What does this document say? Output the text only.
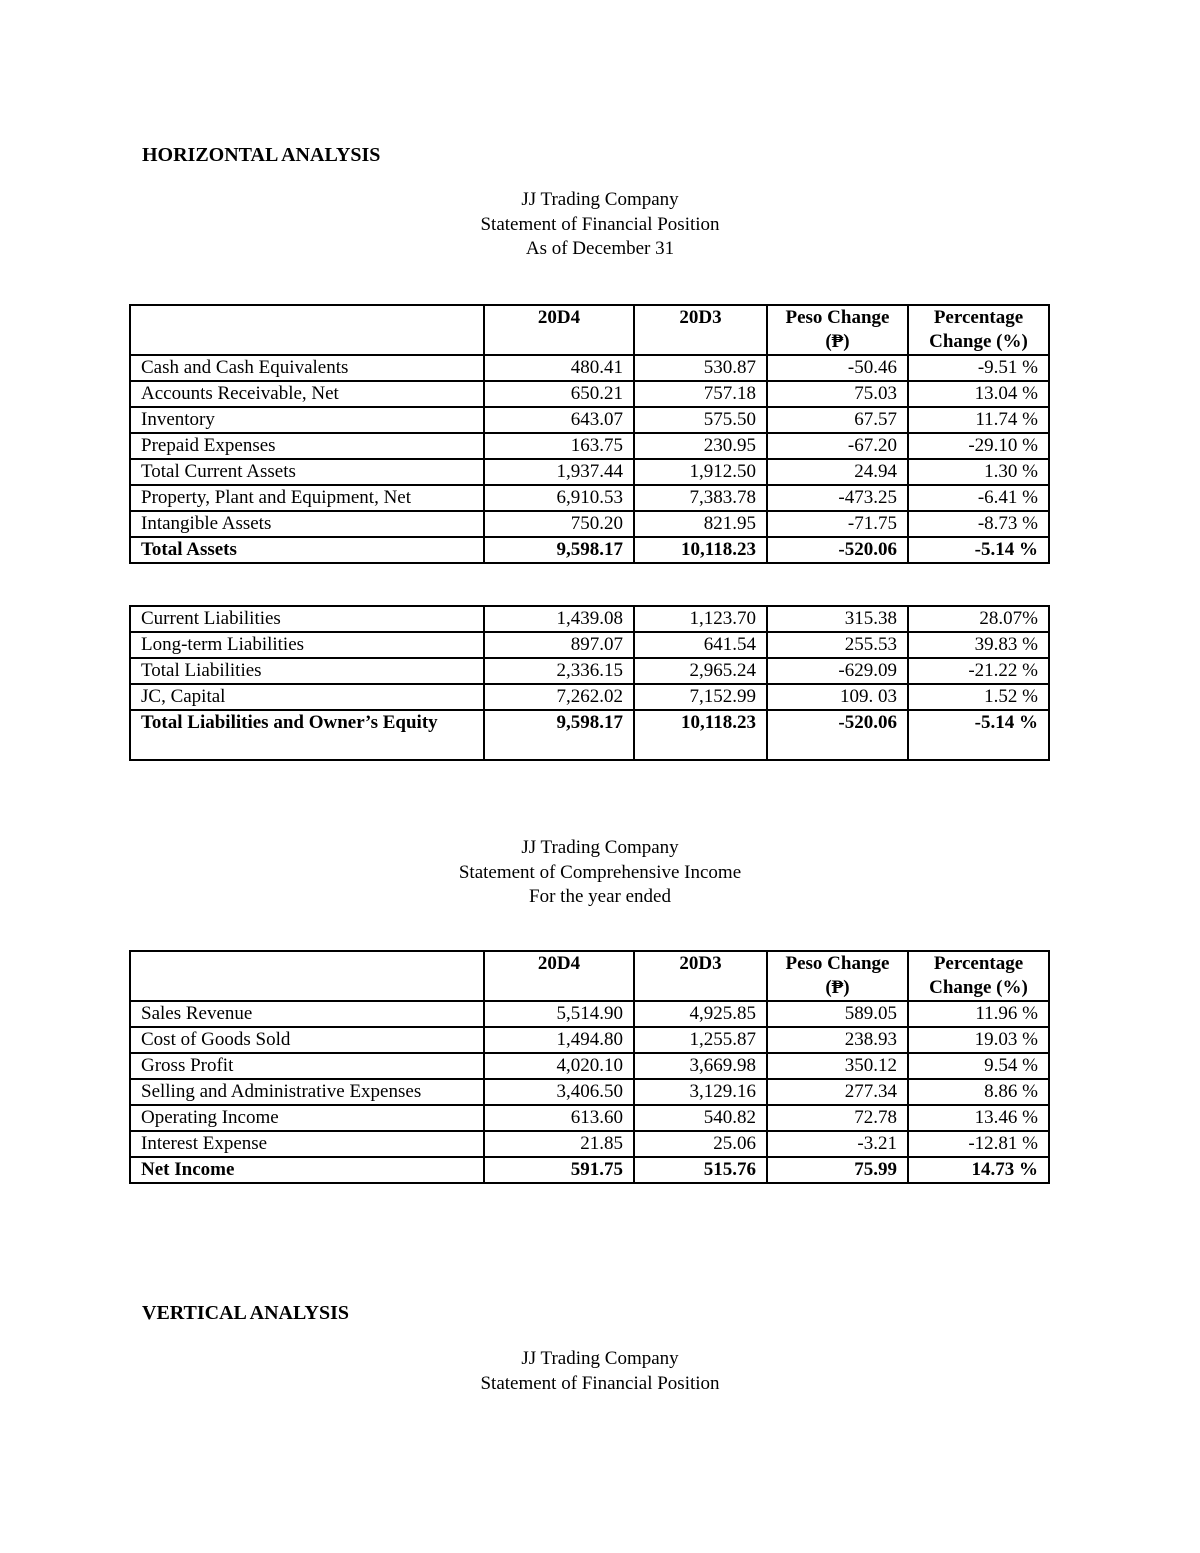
HORIZONTAL ANALYSIS
JJ Trading Company
Statement of Financial Position
As of December 31
	20D4	20D3	Peso Change (₱)	Percentage Change (%)
Cash and Cash Equivalents	480.41	530.87	-50.46	-9.51 %
Accounts Receivable, Net	650.21	757.18	75.03	13.04 %
Inventory	643.07	575.50	67.57	11.74 %
Prepaid Expenses	163.75	230.95	-67.20	-29.10 %
Total Current Assets	1,937.44	1,912.50	24.94	1.30 %
Property, Plant and Equipment, Net	6,910.53	7,383.78	-473.25	-6.41 %
Intangible Assets	750.20	821.95	-71.75	-8.73 %
Total Assets	9,598.17	10,118.23	-520.06	-5.14 %
Current Liabilities	1,439.08	1,123.70	315.38	28.07%
Long-term Liabilities	897.07	641.54	255.53	39.83 %
Total Liabilities	2,336.15	2,965.24	-629.09	-21.22 %
JC, Capital	7,262.02	7,152.99	109. 03	1.52 %
Total Liabilities and Owner’s Equity	9,598.17	10,118.23	-520.06	-5.14 %
JJ Trading Company
Statement of Comprehensive Income
For the year ended
	20D4	20D3	Peso Change (₱)	Percentage Change (%)
Sales Revenue	5,514.90	4,925.85	589.05	11.96 %
Cost of Goods Sold	1,494.80	1,255.87	238.93	19.03 %
Gross Profit	4,020.10	3,669.98	350.12	9.54 %
Selling and Administrative Expenses	3,406.50	3,129.16	277.34	8.86 %
Operating Income	613.60	540.82	72.78	13.46 %
Interest Expense	21.85	25.06	-3.21	-12.81 %
Net Income	591.75	515.76	75.99	14.73 %
VERTICAL ANALYSIS
JJ Trading Company
Statement of Financial Position
